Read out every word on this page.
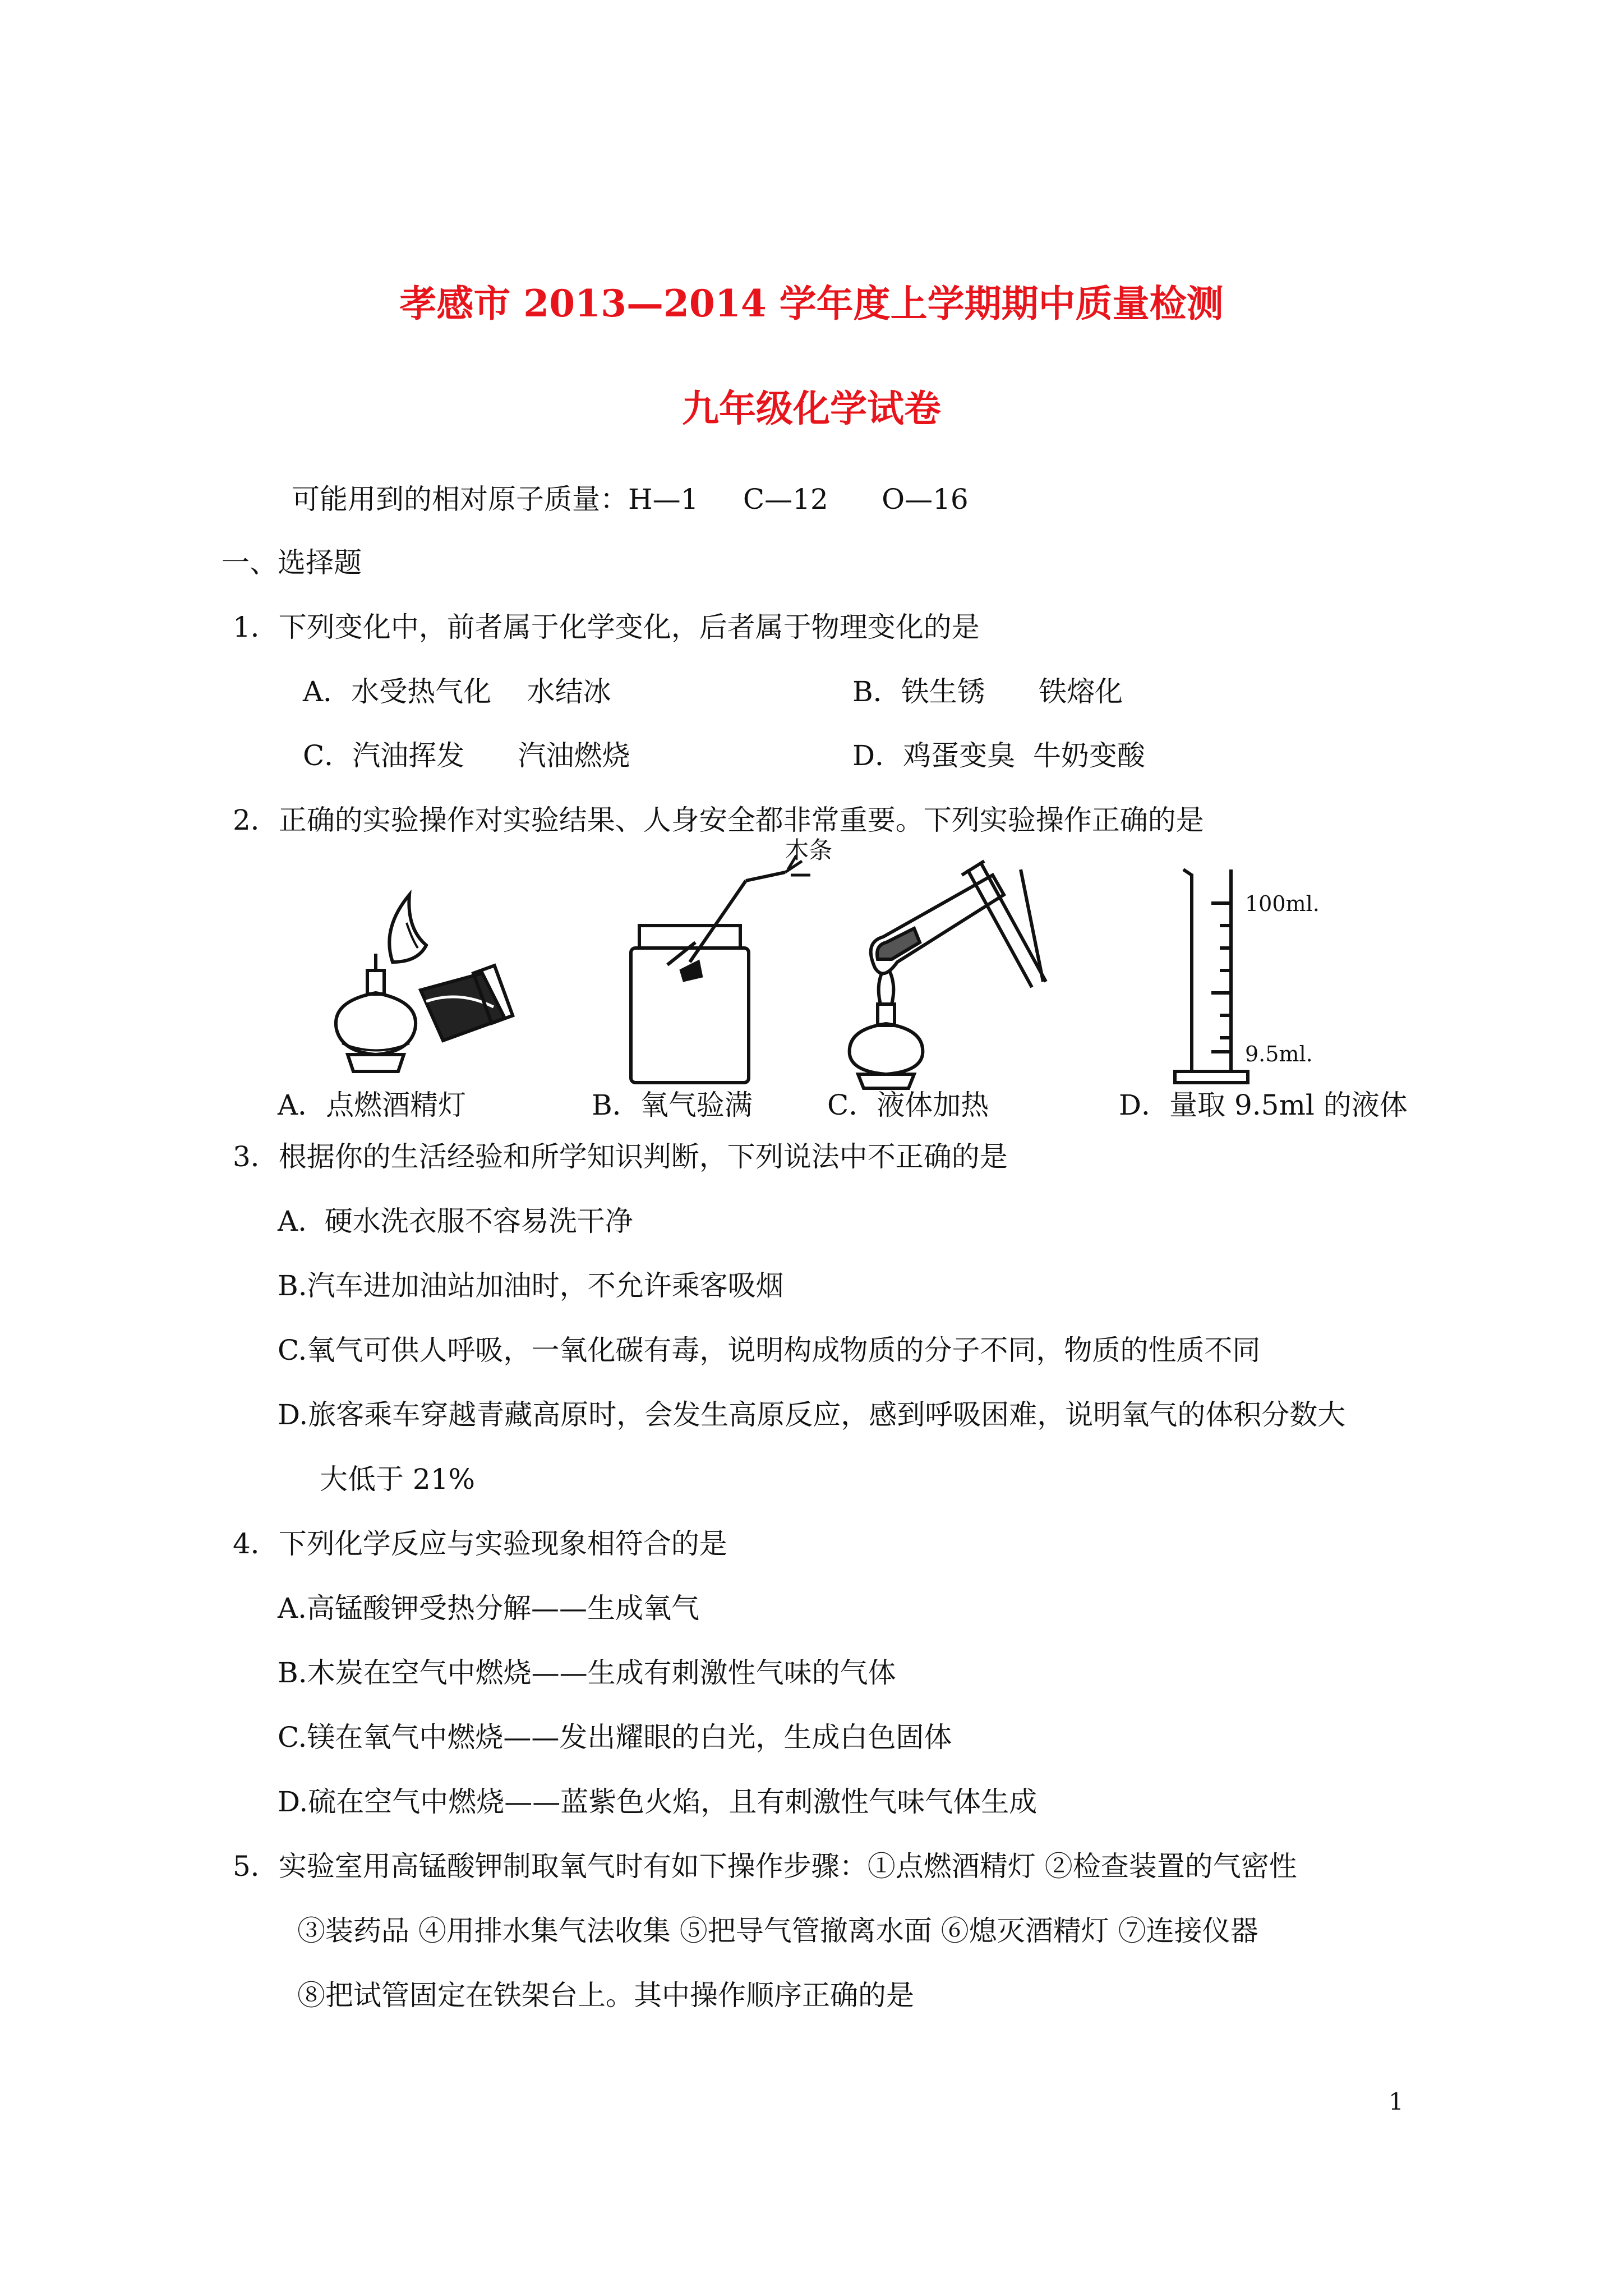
孝感市 2013—2014 学年度上学期期中质量检测
九年级化学试卷
可能用到的相对原子质量：H—1     C—12      O—16
一、选择题
1．下列变化中，前者属于化学变化，后者属于物理变化的是
A．水受热气化    水结冰	B．铁生锈      铁熔化
C．汽油挥发      汽油燃烧	D．鸡蛋变臭  牛奶变酸
2．正确的实验操作对实验结果、人身安全都非常重要。下列实验操作正确的是
木条
100ml.
9.5ml.
A．点燃酒精灯	B．氧气验满	C．液体加热	D．量取 9.5ml 的液体
3．根据你的生活经验和所学知识判断，下列说法中不正确的是
A.  硬水洗衣服不容易洗干净
B.汽车进加油站加油时，不允许乘客吸烟
C.氧气可供人呼吸，一氧化碳有毒，说明构成物质的分子不同，物质的性质不同
D.旅客乘车穿越青藏高原时，会发生高原反应，感到呼吸困难，说明氧气的体积分数大
大低于 21%
4．下列化学反应与实验现象相符合的是
A.高锰酸钾受热分解——生成氧气
B.木炭在空气中燃烧——生成有刺激性气味的气体
C.镁在氧气中燃烧——发出耀眼的白光，生成白色固体
D.硫在空气中燃烧——蓝紫色火焰，且有刺激性气味气体生成
5．实验室用高锰酸钾制取氧气时有如下操作步骤：①点燃酒精灯 ②检查装置的气密性
③装药品 ④用排水集气法收集 ⑤把导气管撤离水面 ⑥熄灭酒精灯 ⑦连接仪器
⑧把试管固定在铁架台上。其中操作顺序正确的是
1
